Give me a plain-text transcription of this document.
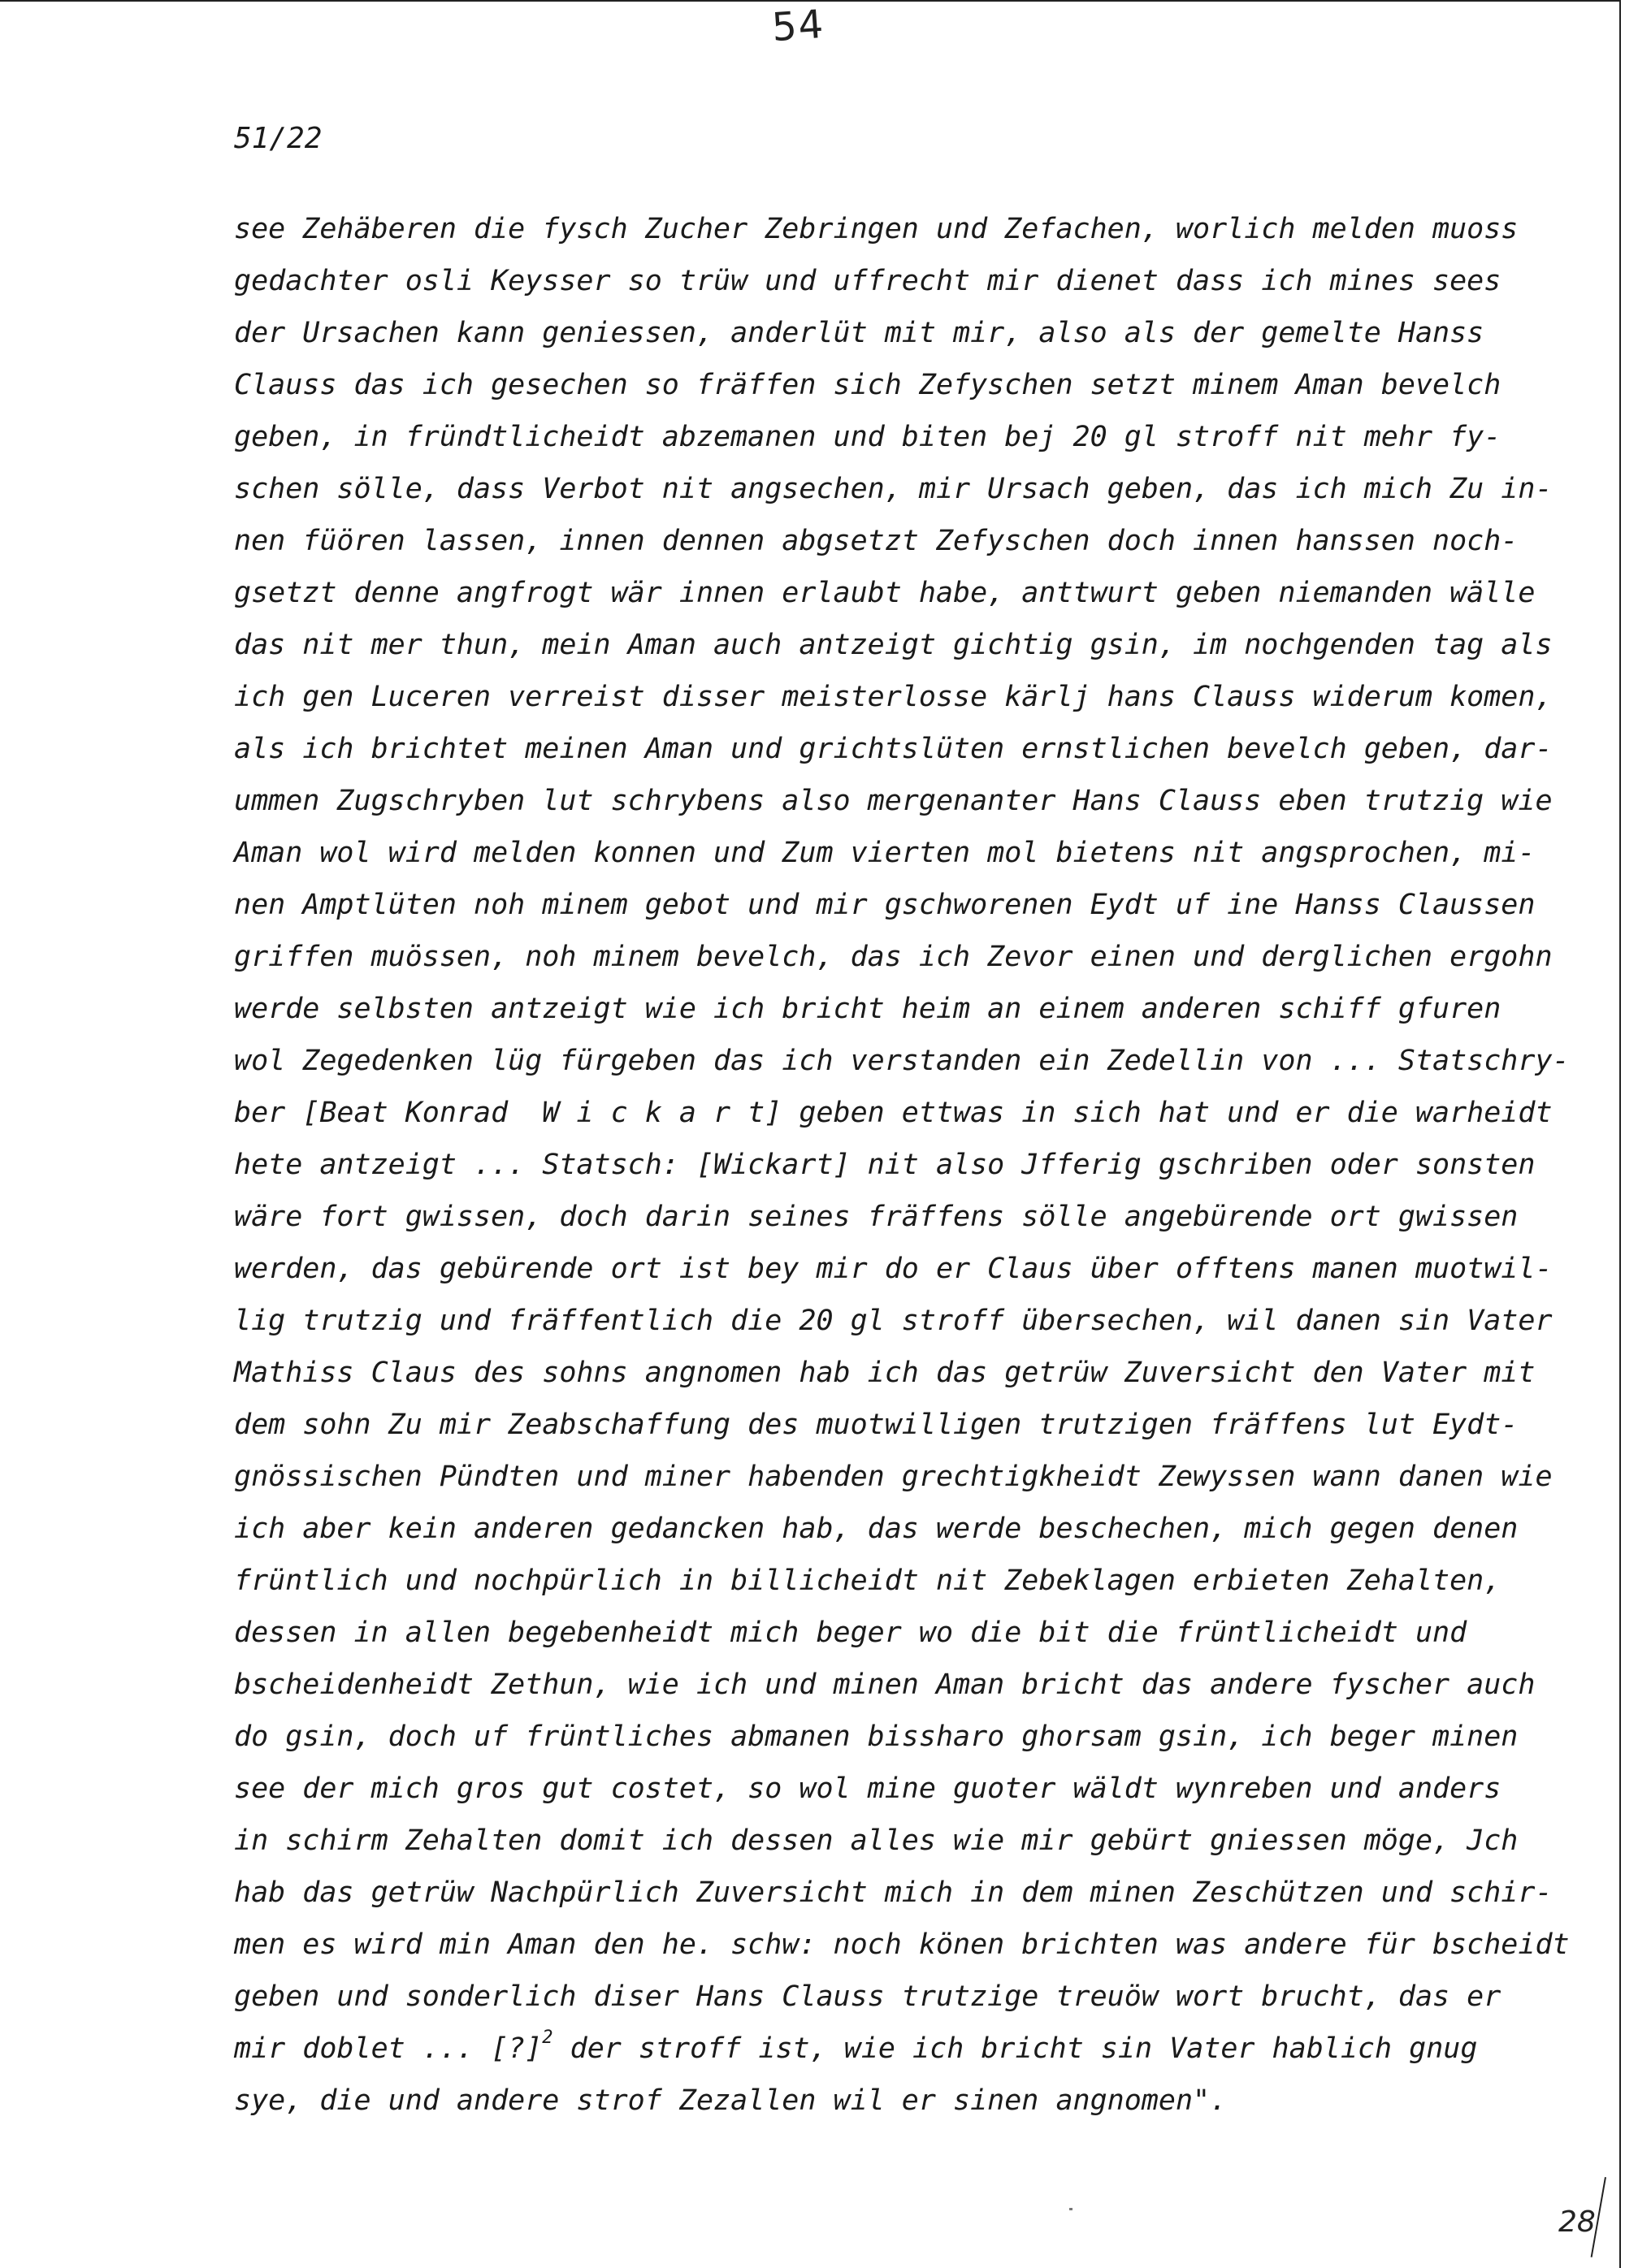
54
51/22
see Zehäberen die fysch Zucher Zebringen und Zefachen, worlich melden muoss
gedachter osli Keysser so trüw und uffrecht mir dienet dass ich mines sees
der Ursachen kann geniessen, anderlüt mit mir, also als der gemelte Hanss
Clauss das ich gesechen so fräffen sich Zefyschen setzt minem Aman bevelch
geben, in fründtlicheidt abzemanen und biten bej 20 gl stroff nit mehr fy-
schen sölle, dass Verbot nit angsechen, mir Ursach geben, das ich mich Zu in-
nen füören lassen, innen dennen abgsetzt Zefyschen doch innen hanssen noch-
gsetzt denne angfrogt wär innen erlaubt habe, anttwurt geben niemanden wälle
das nit mer thun, mein Aman auch antzeigt gichtig gsin, im nochgenden tag als
ich gen Luceren verreist disser meisterlosse kärlj hans Clauss widerum komen,
als ich brichtet meinen Aman und grichtslüten ernstlichen bevelch geben, dar-
ummen Zugschryben lut schrybens also mergenanter Hans Clauss eben trutzig wie
Aman wol wird melden konnen und Zum vierten mol bietens nit angsprochen, mi-
nen Amptlüten noh minem gebot und mir gschworenen Eydt uf ine Hanss Claussen
griffen muössen, noh minem bevelch, das ich Zevor einen und derglichen ergohn
werde selbsten antzeigt wie ich bricht heim an einem anderen schiff gfuren
wol Zegedenken lüg fürgeben das ich verstanden ein Zedellin von ... Statschry-
ber [Beat Konrad  W i c k a r t] geben ettwas in sich hat und er die warheidt
hete antzeigt ... Statsch: [Wickart] nit also Jfferig gschriben oder sonsten
wäre fort gwissen, doch darin seines fräffens sölle angebürende ort gwissen
werden, das gebürende ort ist bey mir do er Claus über offtens manen muotwil-
lig trutzig und fräffentlich die 20 gl stroff übersechen, wil danen sin Vater
Mathiss Claus des sohns angnomen hab ich das getrüw Zuversicht den Vater mit
dem sohn Zu mir Zeabschaffung des muotwilligen trutzigen fräffens lut Eydt-
gnössischen Pündten und miner habenden grechtigkheidt Zewyssen wann danen wie
ich aber kein anderen gedancken hab, das werde beschechen, mich gegen denen
früntlich und nochpürlich in billicheidt nit Zebeklagen erbieten Zehalten,
dessen in allen begebenheidt mich beger wo die bit die früntlicheidt und
bscheidenheidt Zethun, wie ich und minen Aman bricht das andere fyscher auch
do gsin, doch uf früntliches abmanen bissharo ghorsam gsin, ich beger minen
see der mich gros gut costet, so wol mine guoter wäldt wynreben und anders
in schirm Zehalten domit ich dessen alles wie mir gebürt gniessen möge, Jch
hab das getrüw Nachpürlich Zuversicht mich in dem minen Zeschützen und schir-
men es wird min Aman den he. schw: noch könen brichten was andere für bscheidt
geben und sonderlich diser Hans Clauss trutzige treuöw wort brucht, das er
mir doblet ... [?]$^2$ der stroff ist, wie ich bricht sin Vater hablich gnug
sye, die und andere strof Zezallen wil er sinen angnomen".
28
